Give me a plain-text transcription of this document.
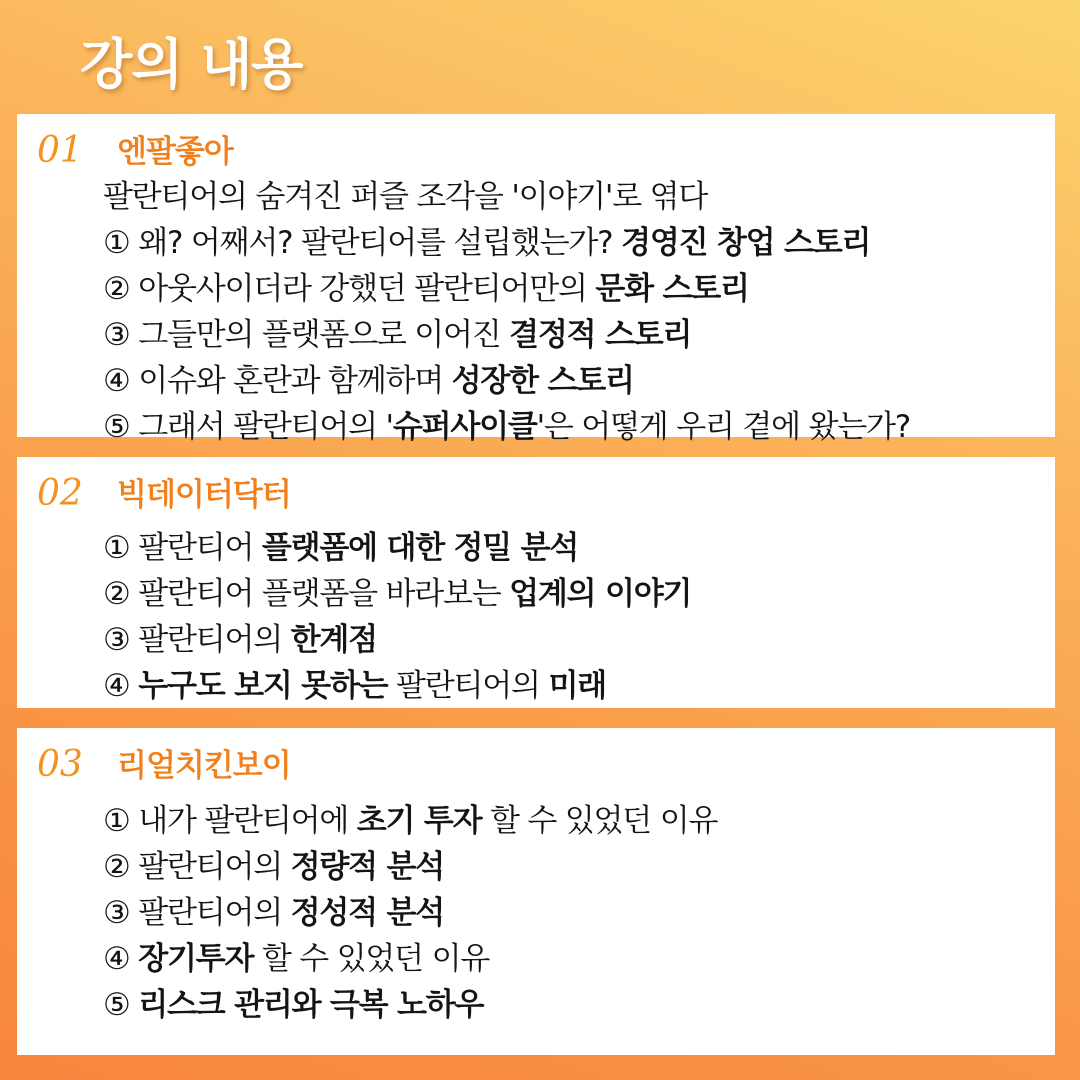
강의 내용
01	엔팔좋아
팔란티어의 숨겨진 퍼즐 조각을 '이야기'로 엮다
① 왜? 어째서? 팔란티어를 설립했는가? 경영진 창업 스토리
② 아웃사이더라 강했던 팔란티어만의 문화 스토리
③ 그들만의 플랫폼으로 이어진 결정적 스토리
④ 이슈와 혼란과 함께하며 성장한 스토리
⑤ 그래서 팔란티어의 '슈퍼사이클'은 어떻게 우리 곁에 왔는가?
02	빅데이터닥터
① 팔란티어 플랫폼에 대한 정밀 분석
② 팔란티어 플랫폼을 바라보는 업계의 이야기
③ 팔란티어의 한계점
④ 누구도 보지 못하는 팔란티어의 미래
03	리얼치킨보이
① 내가 팔란티어에 초기 투자 할 수 있었던 이유
② 팔란티어의 정량적 분석
③ 팔란티어의 정성적 분석
④ 장기투자 할 수 있었던 이유
⑤ 리스크 관리와 극복 노하우
